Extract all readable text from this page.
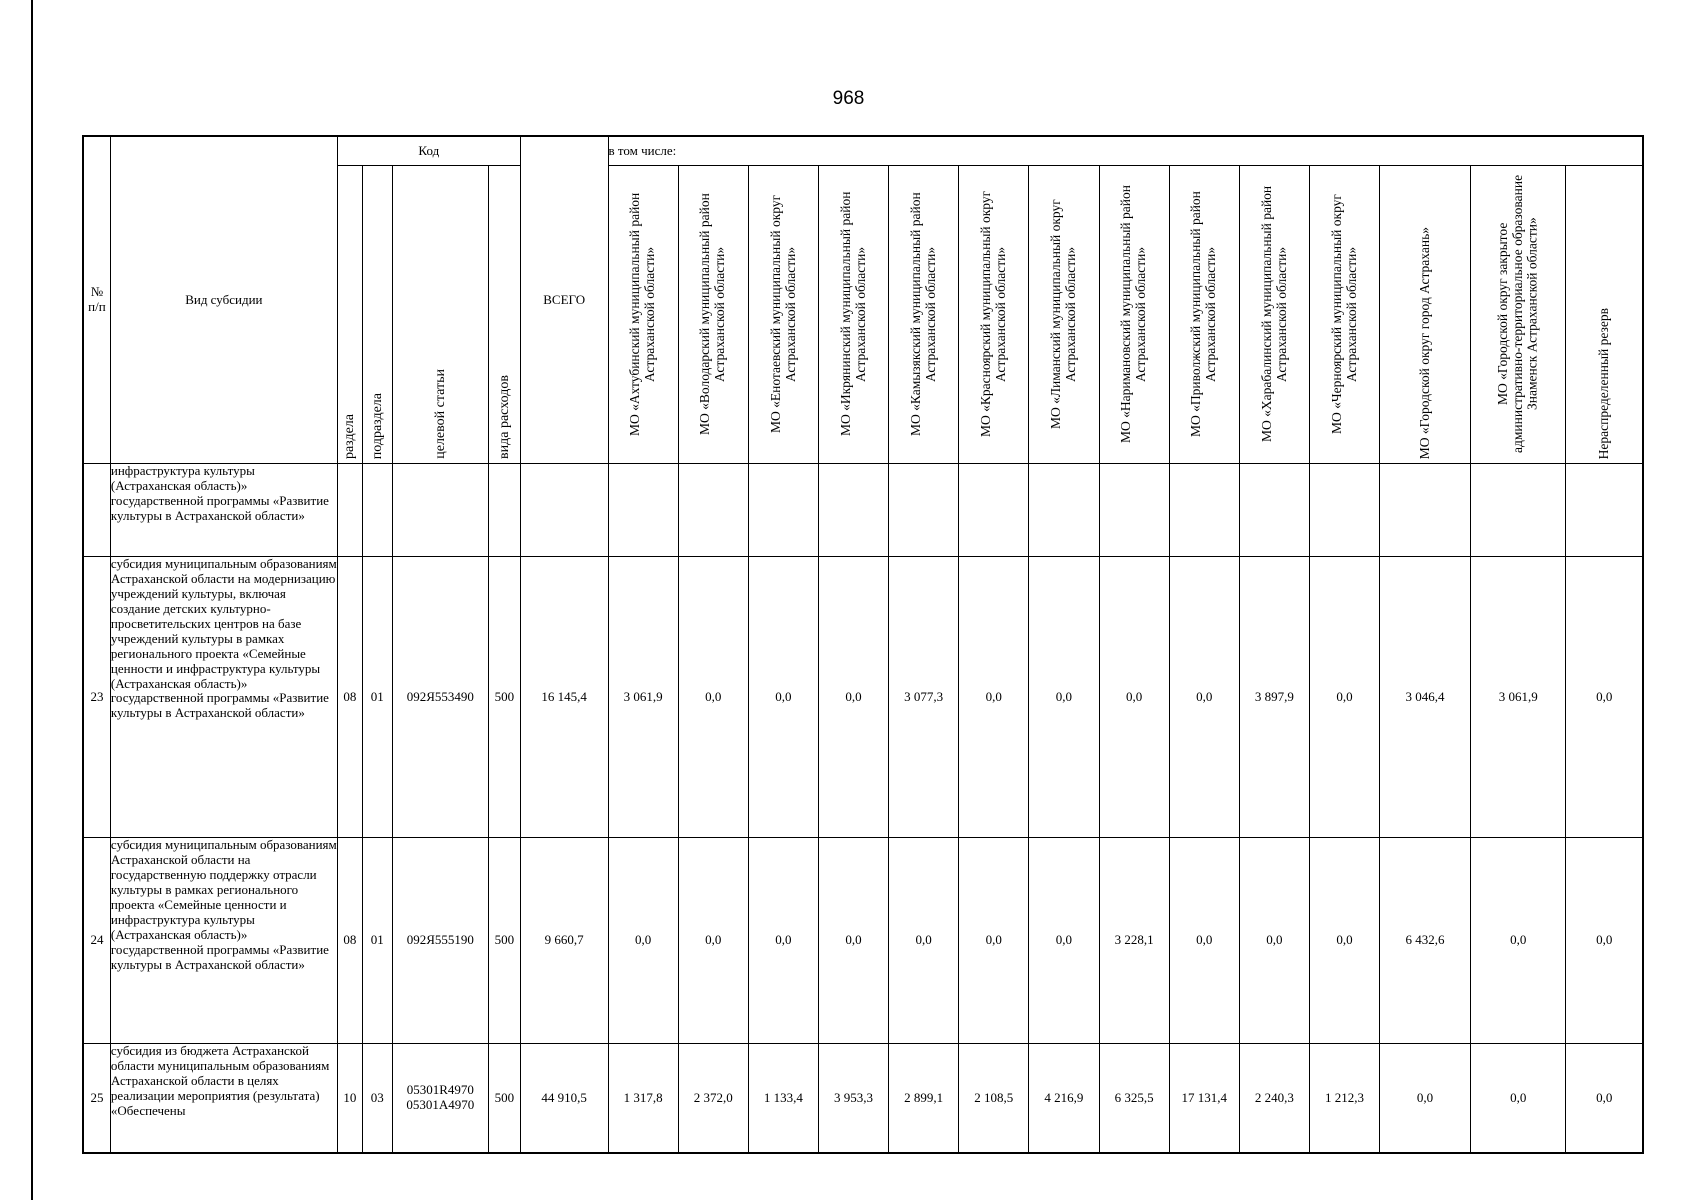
968
№ п/п	Вид субсидии	Код				ВСЕГО	в том числе:													
		раздела	подраздела	целевой статьи	вида расходов		МО «Ахтубинский муниципальный район Астраханской области»	МО «Володарский муниципальный район Астраханской области»	МО «Енотаевский муниципальный округ Астраханской области»	МО «Икрянинский муниципальный район Астраханской области»	МО «Камызякский муниципальный район Астраханской области»	МО «Красноярский муниципальный округ Астраханской области»	МО «Лиманский муниципальный округ Астраханской области»	МО «Наримановский муниципальный район Астраханской области»	МО «Приволжский муниципальный район Астраханской области»	МО «Харабалинский муниципальный район Астраханской области»	МО «Черноярский муниципальный округ Астраханской области»	МО «Городской округ город Астрахань»	МО «Городской округ закрытое административно-территориальное образование Знаменск Астраханской области»	Нераспределенный резерв
	инфраструктура культуры (Астраханская область)» государственной программы «Развитие культуры в Астраханской области»																			
23	субсидия муниципальным образованиям Астраханской области на модернизацию учреждений культуры, включая создание детских культурно-просветительских центров на базе учреждений культуры в рамках регионального проекта «Семейные ценности и инфраструктура культуры (Астраханская область)» государственной программы «Развитие культуры в Астраханской области»	08	01	092Я553490	500	16 145,4	3 061,9	0,0	0,0	0,0	3 077,3	0,0	0,0	0,0	0,0	3 897,9	0,0	3 046,4	3 061,9	0,0
24	субсидия муниципальным образованиям Астраханской области на государственную поддержку отрасли культуры в рамках регионального проекта «Семейные ценности и инфраструктура культуры (Астраханская область)» государственной программы «Развитие культуры в Астраханской области»	08	01	092Я555190	500	9 660,7	0,0	0,0	0,0	0,0	0,0	0,0	0,0	3 228,1	0,0	0,0	0,0	6 432,6	0,0	0,0
25	субсидия из бюджета Астраханской области муниципальным образованиям Астраханской области в целях реализации мероприятия (результата) «Обеспечены	10	03	05301R4970
05301A4970	500	44 910,5	1 317,8	2 372,0	1 133,4	3 953,3	2 899,1	2 108,5	4 216,9	6 325,5	17 131,4	2 240,3	1 212,3	0,0	0,0	0,0
